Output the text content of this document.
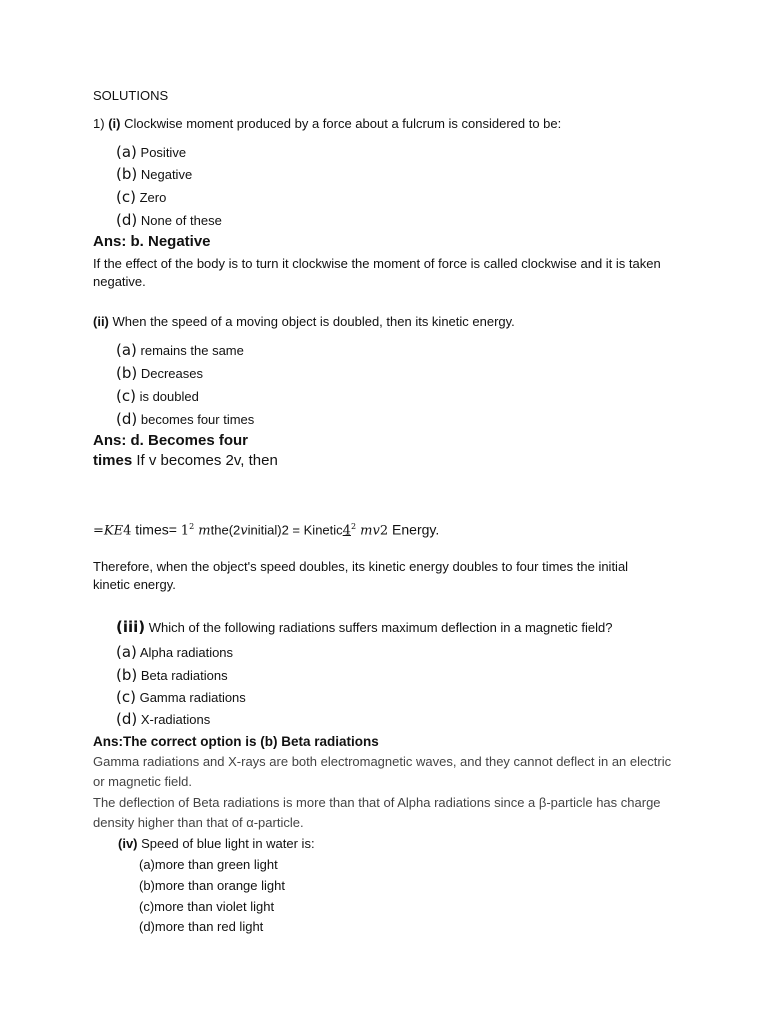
SOLUTIONS
1) (i) Clockwise moment produced by a force about a fulcrum is considered to be:
(a) Positive
(b) Negative
(c) Zero
(d) None of these
Ans: b. Negative
If the effect of the body is to turn it clockwise the moment of force is called clockwise and it is taken negative.
(ii) When the speed of a moving object is doubled, then its kinetic energy.
(a) remains the same
(b) Decreases
(c) is doubled
(d) becomes four times
Ans: d. Becomes four
times If v becomes 2v, then
=KE4 times= $1^2$ mthe(2vinitial)2 = $Kinetic4^2$ mv2 Energy.
Therefore, when the object's speed doubles, its kinetic energy doubles to four times the initial kinetic energy.
(iii) Which of the following radiations suffers maximum deflection in a magnetic field?
(a) Alpha radiations
(b) Beta radiations
(c) Gamma radiations
(d) X-radiations
Ans:The correct option is (b) Beta radiations
Gamma radiations and X-rays are both electromagnetic waves, and they cannot deflect in an electric or magnetic field.
The deflection of Beta radiations is more than that of Alpha radiations since a β-particle has charge density higher than that of α-particle.
(iv) Speed of blue light in water is:
(a)more than green light
(b)more than orange light
(c)more than violet light
(d)more than red light
